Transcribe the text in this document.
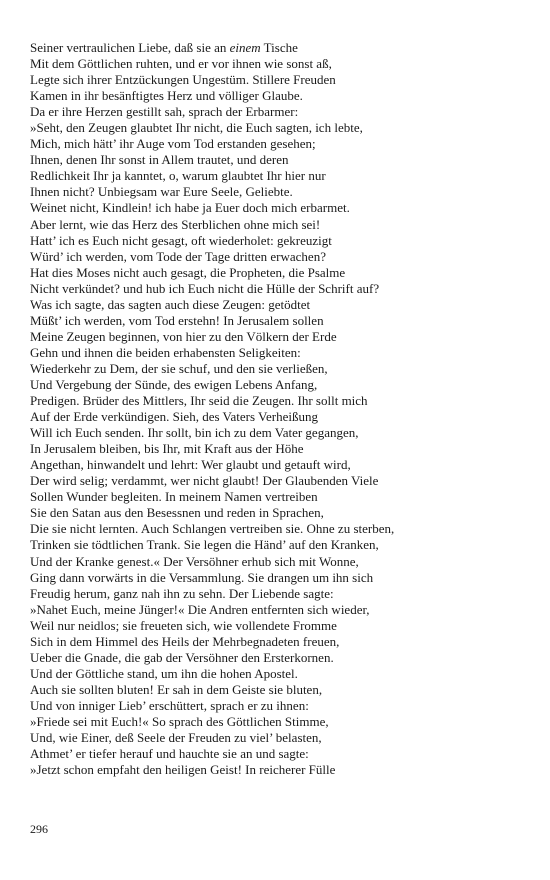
Seiner vertraulichen Liebe, daß sie an einem Tische
Mit dem Göttlichen ruhten, und er vor ihnen wie sonst aß,
Legte sich ihrer Entzückungen Ungestüm. Stillere Freuden
Kamen in ihr besänftigtes Herz und völliger Glaube.
Da er ihre Herzen gestillt sah, sprach der Erbarmer:
»Seht, den Zeugen glaubtet Ihr nicht, die Euch sagten, ich lebte,
Mich, mich hätt’ ihr Auge vom Tod erstanden gesehen;
Ihnen, denen Ihr sonst in Allem trautet, und deren
Redlichkeit Ihr ja kanntet, o, warum glaubtet Ihr hier nur
Ihnen nicht? Unbiegsam war Eure Seele, Geliebte.
Weinet nicht, Kindlein! ich habe ja Euer doch mich erbarmet.
Aber lernt, wie das Herz des Sterblichen ohne mich sei!
Hatt’ ich es Euch nicht gesagt, oft wiederholet: gekreuzigt
Würd’ ich werden, vom Tode der Tage dritten erwachen?
Hat dies Moses nicht auch gesagt, die Propheten, die Psalme
Nicht verkündet? und hub ich Euch nicht die Hülle der Schrift auf?
Was ich sagte, das sagten auch diese Zeugen: getödtet
Müßt’ ich werden, vom Tod erstehn! In Jerusalem sollen
Meine Zeugen beginnen, von hier zu den Völkern der Erde
Gehn und ihnen die beiden erhabensten Seligkeiten:
Wiederkehr zu Dem, der sie schuf, und den sie verließen,
Und Vergebung der Sünde, des ewigen Lebens Anfang,
Predigen. Brüder des Mittlers, Ihr seid die Zeugen. Ihr sollt mich
Auf der Erde verkündigen. Sieh, des Vaters Verheißung
Will ich Euch senden. Ihr sollt, bin ich zu dem Vater gegangen,
In Jerusalem bleiben, bis Ihr, mit Kraft aus der Höhe
Angethan, hinwandelt und lehrt: Wer glaubt und getauft wird,
Der wird selig; verdammt, wer nicht glaubt! Der Glaubenden Viele
Sollen Wunder begleiten. In meinem Namen vertreiben
Sie den Satan aus den Besessnen und reden in Sprachen,
Die sie nicht lernten. Auch Schlangen vertreiben sie. Ohne zu sterben,
Trinken sie tödtlichen Trank. Sie legen die Händ’ auf den Kranken,
Und der Kranke genest.« Der Versöhner erhub sich mit Wonne,
Ging dann vorwärts in die Versammlung. Sie drangen um ihn sich
Freudig herum, ganz nah ihn zu sehn. Der Liebende sagte:
»Nahet Euch, meine Jünger!« Die Andren entfernten sich wieder,
Weil nur neidlos; sie freueten sich, wie vollendete Fromme
Sich in dem Himmel des Heils der Mehrbegnadeten freuen,
Ueber die Gnade, die gab der Versöhner den Ersterkornen.
Und der Göttliche stand, um ihn die hohen Apostel.
Auch sie sollten bluten! Er sah in dem Geiste sie bluten,
Und von inniger Lieb’ erschüttert, sprach er zu ihnen:
»Friede sei mit Euch!« So sprach des Göttlichen Stimme,
Und, wie Einer, deß Seele der Freuden zu viel’ belasten,
Athmet’ er tiefer herauf und hauchte sie an und sagte:
»Jetzt schon empfaht den heiligen Geist! In reicherer Fülle
296
